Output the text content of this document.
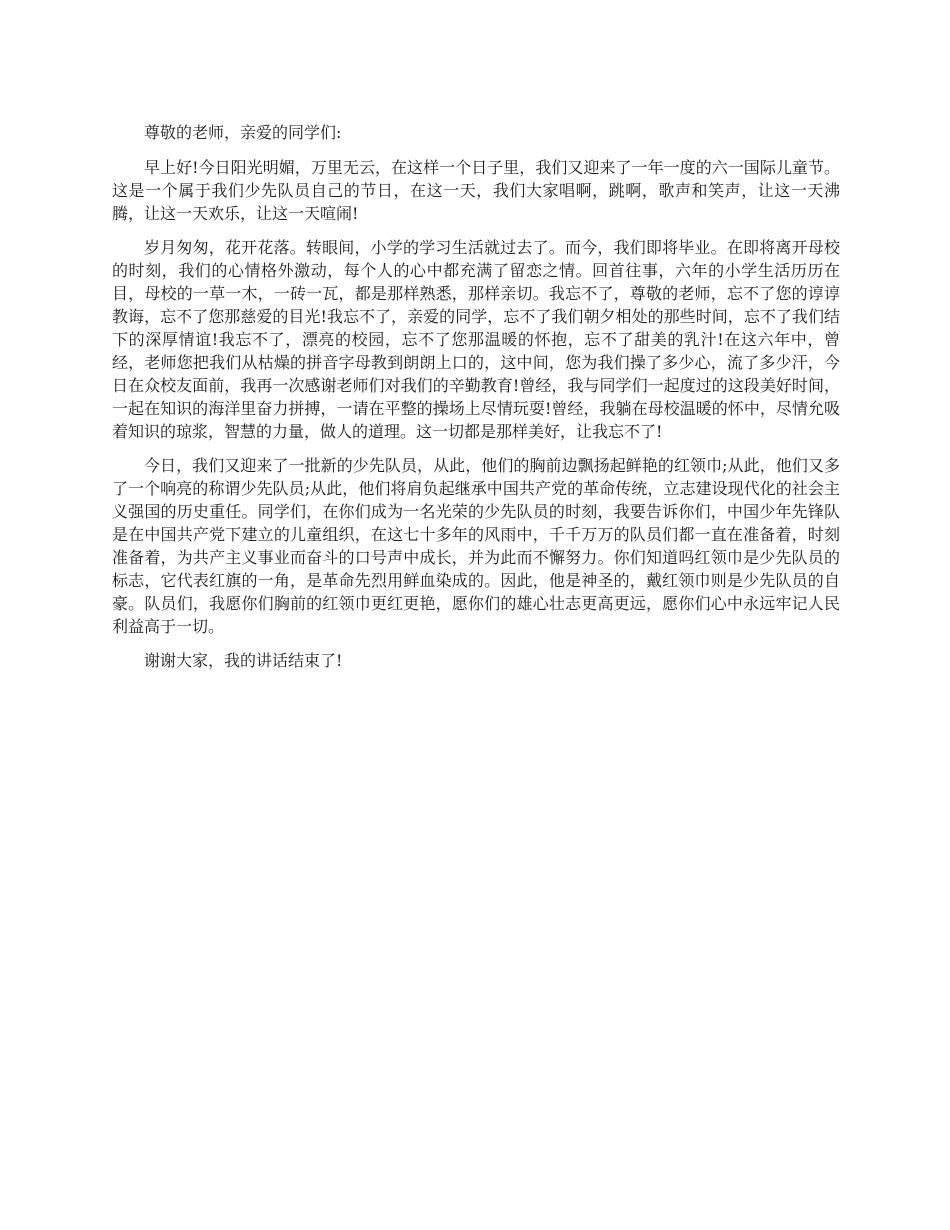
尊敬的老师，亲爱的同学们:

早上好!今日阳光明媚，万里无云，在这样一个日子里，我们又迎来了一年一度的六一国际儿童节。这是一个属于我们少先队员自己的节日，在这一天，我们大家唱啊，跳啊，歌声和笑声，让这一天沸腾，让这一天欢乐，让这一天喧闹!

岁月匆匆，花开花落。转眼间，小学的学习生活就过去了。而今，我们即将毕业。在即将离开母校的时刻，我们的心情格外激动，每个人的心中都充满了留恋之情。回首往事，六年的小学生活历历在目，母校的一草一木，一砖一瓦，都是那样熟悉，那样亲切。我忘不了，尊敬的老师，忘不了您的谆谆教诲，忘不了您那慈爱的目光!我忘不了，亲爱的同学，忘不了我们朝夕相处的那些时间，忘不了我们结下的深厚情谊!我忘不了，漂亮的校园，忘不了您那温暖的怀抱，忘不了甜美的乳汁!在这六年中，曾经，老师您把我们从枯燥的拼音字母教到朗朗上口的，这中间，您为我们操了多少心，流了多少汗，今日在众校友面前，我再一次感谢老师们对我们的辛勤教育!曾经，我与同学们一起度过的这段美好时间，一起在知识的海洋里奋力拼搏，一请在平整的操场上尽情玩耍!曾经，我躺在母校温暖的怀中，尽情允吸着知识的琼浆，智慧的力量，做人的道理。这一切都是那样美好，让我忘不了!

今日，我们又迎来了一批新的少先队员，从此，他们的胸前边飘扬起鲜艳的红领巾;从此，他们又多了一个响亮的称谓少先队员;从此，他们将肩负起继承中国共产党的革命传统，立志建设现代化的社会主义强国的历史重任。同学们，在你们成为一名光荣的少先队员的时刻，我要告诉你们，中国少年先锋队是在中国共产党下建立的儿童组织，在这七十多年的风雨中，千千万万的队员们都一直在准备着，时刻准备着，为共产主义事业而奋斗的口号声中成长，并为此而不懈努力。你们知道吗红领巾是少先队员的标志，它代表红旗的一角，是革命先烈用鲜血染成的。因此，他是神圣的，戴红领巾则是少先队员的自豪。队员们，我愿你们胸前的红领巾更红更艳，愿你们的雄心壮志更高更远，愿你们心中永远牢记人民利益高于一切。

谢谢大家，我的讲话结束了!
